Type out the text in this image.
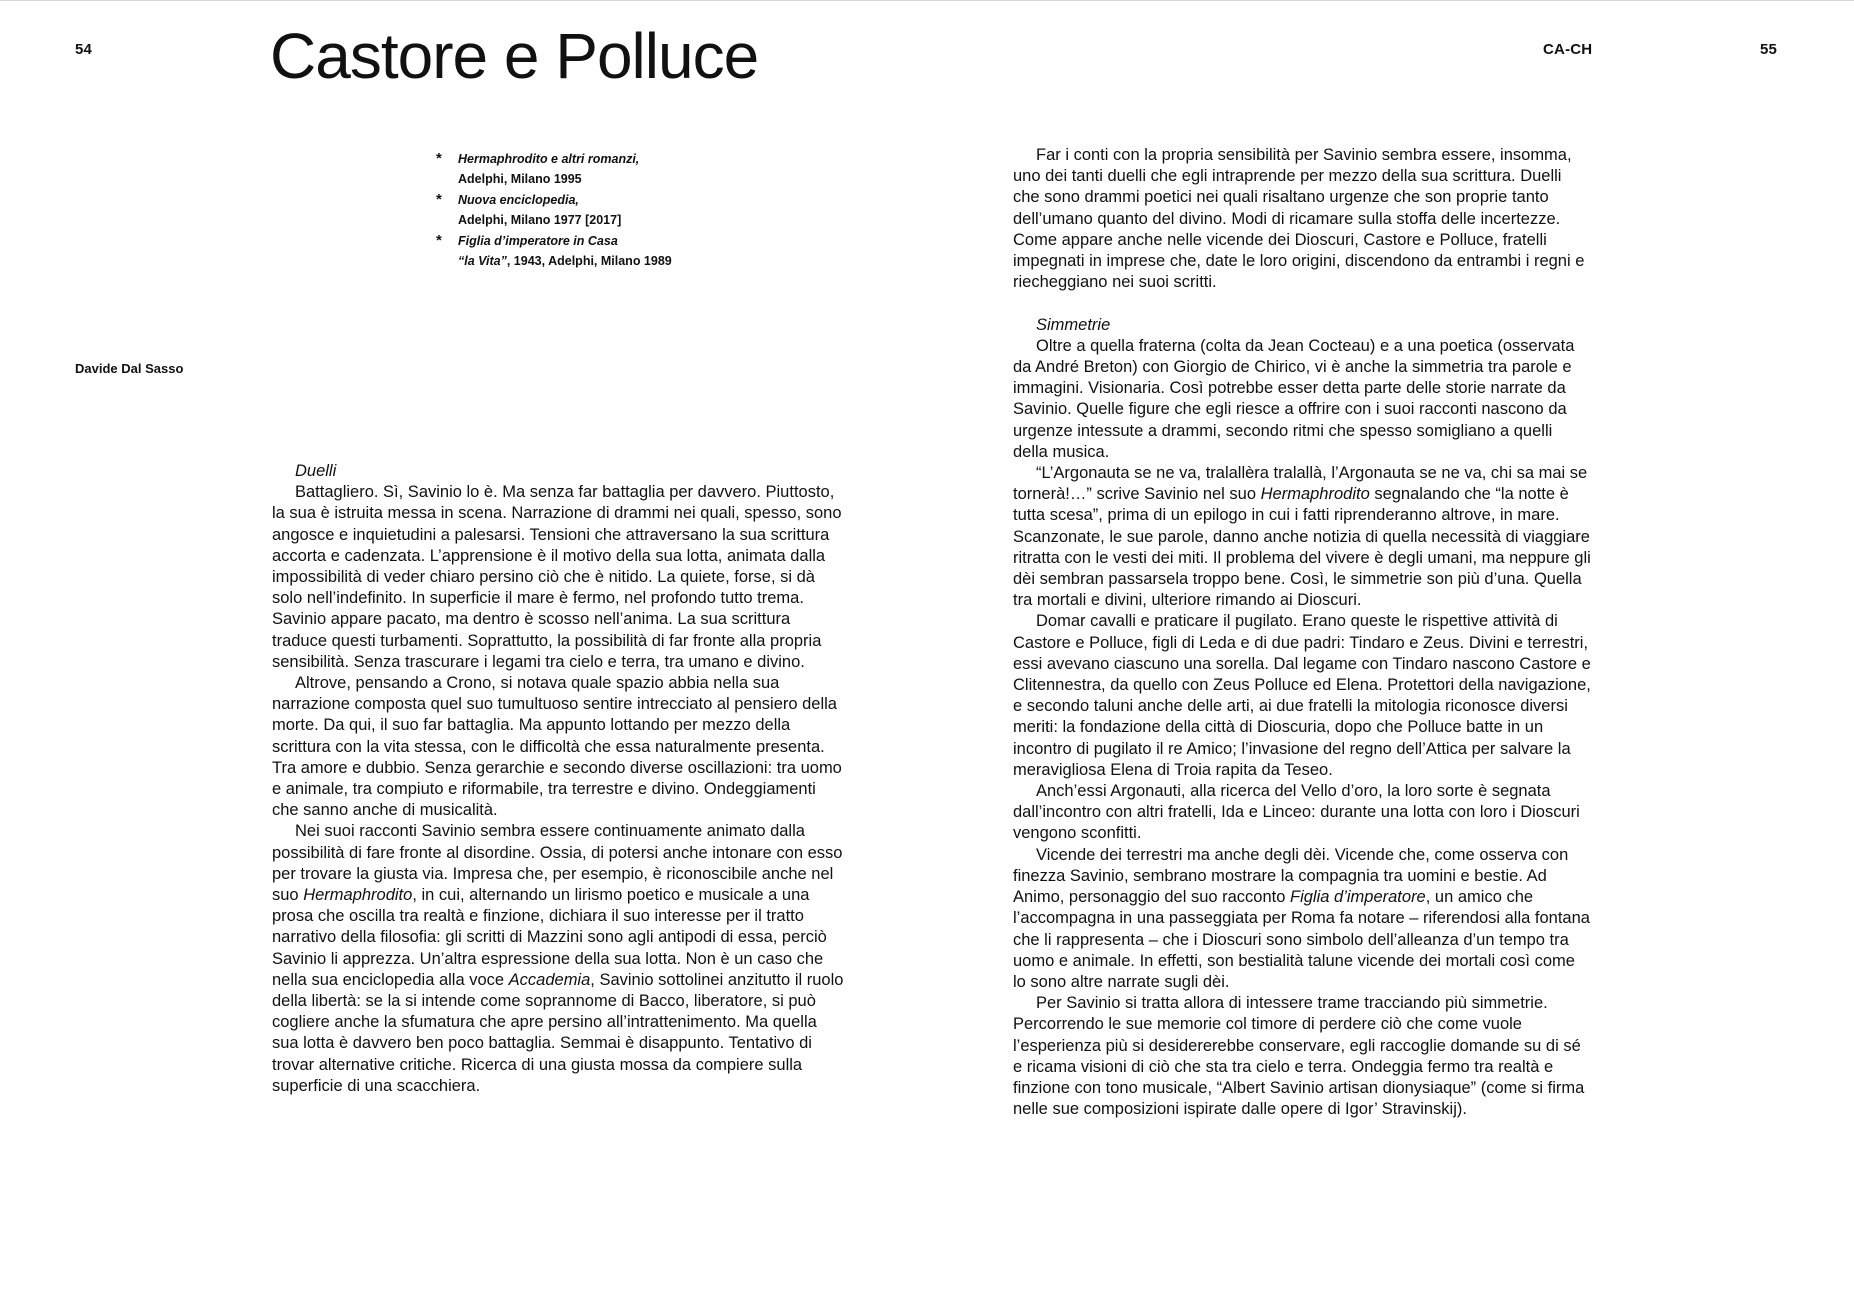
54	Castore e Polluce	CA-CH	55
* Hermaphrodito e altri romanzi,
Adelphi, Milano 1995
* Nuova enciclopedia,
Adelphi, Milano 1977 [2017]
* Figlia d’imperatore in Casa
“la Vita”, 1943, Adelphi, Milano 1989
Davide Dal Sasso
Duelli

Battagliero. Sì, Savinio lo è. Ma senza far battaglia per davvero. Piuttosto, la sua è istruita messa in scena. Narrazione di drammi nei quali, spesso, sono angosce e inquietudini a palesarsi. Tensioni che attraversano la sua scrittura accorta e cadenzata. L’apprensione è il motivo della sua lotta, animata dalla impossibilità di veder chiaro persino ciò che è nitido. La quiete, forse, si dà solo nell’indefinito. In superficie il mare è fermo, nel profondo tutto trema. Savinio appare pacato, ma dentro è scosso nell’anima. La sua scrittura traduce questi turbamenti. Soprattutto, la possibilità di far fronte alla propria sensibilità. Senza trascurare i legami tra cielo e terra, tra umano e divino.

Altrove, pensando a Crono, si notava quale spazio abbia nella sua narrazione composta quel suo tumultuoso sentire intrecciato al pensiero della morte. Da qui, il suo far battaglia. Ma appunto lottando per mezzo della scrittura con la vita stessa, con le difficoltà che essa naturalmente presenta. Tra amore e dubbio. Senza gerarchie e secondo diverse oscillazioni: tra uomo e animale, tra compiuto e riformabile, tra terrestre e divino. Ondeggiamenti che sanno anche di musicalità.

Nei suoi racconti Savinio sembra essere continuamente animato dalla possibilità di fare fronte al disordine. Ossia, di potersi anche intonare con esso per trovare la giusta via. Impresa che, per esempio, è riconoscibile anche nel suo Hermaphrodito, in cui, alternando un lirismo poetico e musicale a una prosa che oscilla tra realtà e finzione, dichiara il suo interesse per il tratto narrativo della filosofia: gli scritti di Mazzini sono agli antipodi di essa, perciò Savinio li apprezza. Un’altra espressione della sua lotta. Non è un caso che nella sua enciclopedia alla voce Accademia, Savinio sottolinei anzitutto il ruolo della libertà: se la si intende come soprannome di Bacco, liberatore, si può cogliere anche la sfumatura che apre persino all’intrattenimento. Ma quella sua lotta è davvero ben poco battaglia. Semmai è disappunto. Tentativo di trovar alternative critiche. Ricerca di una giusta mossa da compiere sulla superficie di una scacchiera.

Far i conti con la propria sensibilità per Savinio sembra essere, insomma, uno dei tanti duelli che egli intraprende per mezzo della sua scrittura. Duelli che sono drammi poetici nei quali risaltano urgenze che son proprie tanto dell’umano quanto del divino. Modi di ricamare sulla stoffa delle incertezze. Come appare anche nelle vicende dei Dioscuri, Castore e Polluce, fratelli impegnati in imprese che, date le loro origini, discendono da entrambi i regni e riecheggiano nei suoi scritti.

Simmetrie

Oltre a quella fraterna (colta da Jean Cocteau) e a una poetica (osservata da André Breton) con Giorgio de Chirico, vi è anche la simmetria tra parole e immagini. Visionaria. Così potrebbe esser detta parte delle storie narrate da Savinio. Quelle figure che egli riesce a offrire con i suoi racconti nascono da urgenze intessute a drammi, secondo ritmi che spesso somigliano a quelli della musica.

“L’Argonauta se ne va, tralallèra tralallà, l’Argonauta se ne va, chi sa mai se tornerà!…” scrive Savinio nel suo Hermaphrodito segnalando che “la notte è tutta scesa”, prima di un epilogo in cui i fatti riprenderanno altrove, in mare. Scanzonate, le sue parole, danno anche notizia di quella necessità di viaggiare ritratta con le vesti dei miti. Il problema del vivere è degli umani, ma neppure gli dèi sembran passarsela troppo bene. Così, le simmetrie son più d’una. Quella tra mortali e divini, ulteriore rimando ai Dioscuri.

Domar cavalli e praticare il pugilato. Erano queste le rispettive attività di Castore e Polluce, figli di Leda e di due padri: Tindaro e Zeus. Divini e terrestri, essi avevano ciascuno una sorella. Dal legame con Tindaro nascono Castore e Clitennestra, da quello con Zeus Polluce ed Elena. Protettori della navigazione, e secondo taluni anche delle arti, ai due fratelli la mitologia riconosce diversi meriti: la fondazione della città di Dioscuria, dopo che Polluce batte in un incontro di pugilato il re Amico; l’invasione del regno dell’Attica per salvare la meravigliosa Elena di Troia rapita da Teseo.

Anch’essi Argonauti, alla ricerca del Vello d’oro, la loro sorte è segnata dall’incontro con altri fratelli, Ida e Linceo: durante una lotta con loro i Dioscuri vengono sconfitti.

Vicende dei terrestri ma anche degli dèi. Vicende che, come osserva con finezza Savinio, sembrano mostrare la compagnia tra uomini e bestie. Ad Animo, personaggio del suo racconto Figlia d’imperatore, un amico che l’accompagna in una passeggiata per Roma fa notare – riferendosi alla fontana che li rappresenta – che i Dioscuri sono simbolo dell’alleanza d’un tempo tra uomo e animale. In effetti, son bestialità talune vicende dei mortali così come lo sono altre narrate sugli dèi.

Per Savinio si tratta allora di intessere trame tracciando più simmetrie. Percorrendo le sue memorie col timore di perdere ciò che come vuole l’esperienza più si desidererebbe conservare, egli raccoglie domande su di sé e ricama visioni di ciò che sta tra cielo e terra. Ondeggia fermo tra realtà e finzione con tono musicale, “Albert Savinio artisan dionysiaque” (come si firma nelle sue composizioni ispirate dalle opere di Igor’ Stravinskij).
